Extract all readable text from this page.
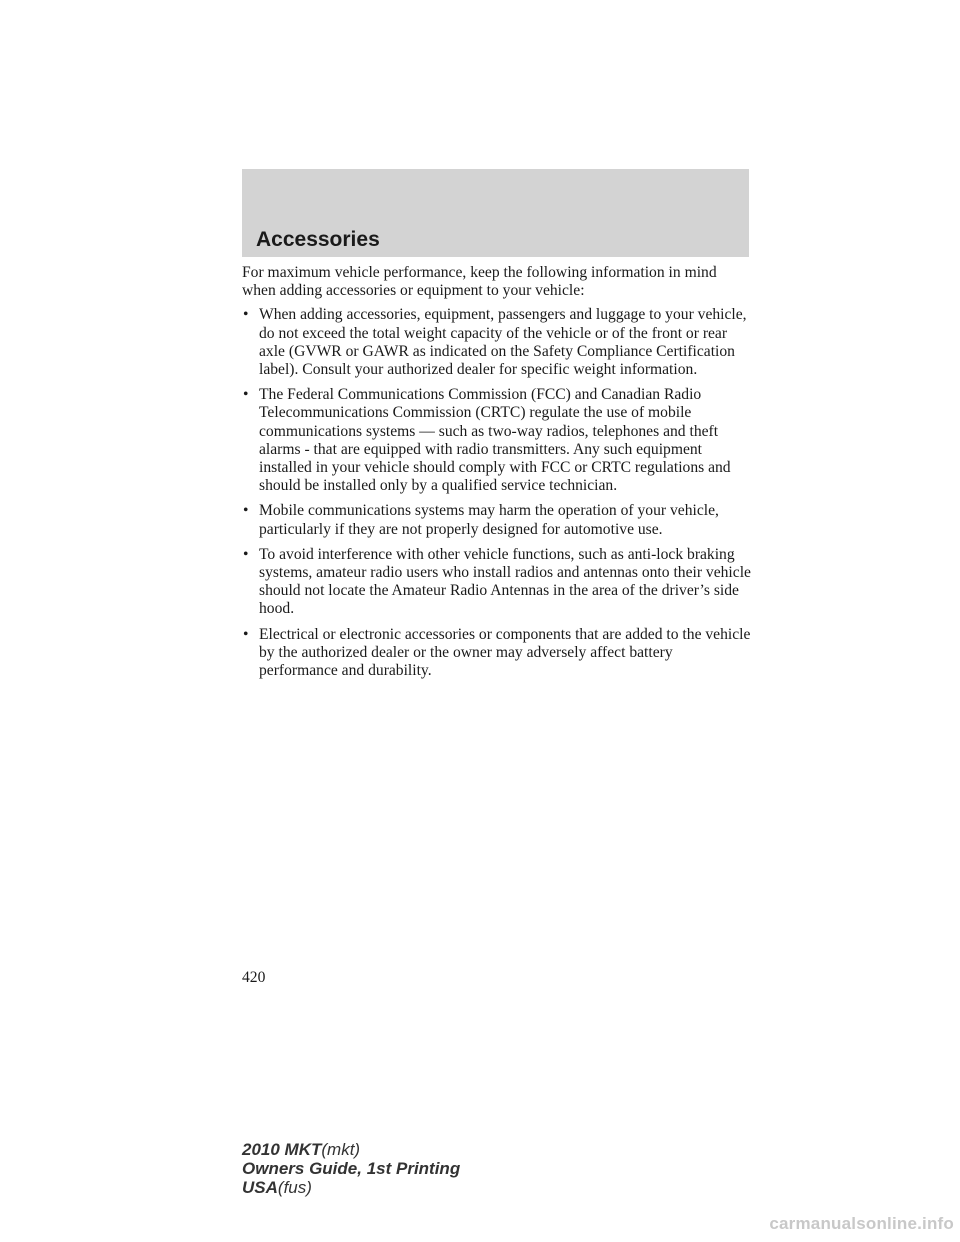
Accessories

For maximum vehicle performance, keep the following information in mind when adding accessories or equipment to your vehicle:

• When adding accessories, equipment, passengers and luggage to your vehicle, do not exceed the total weight capacity of the vehicle or of the front or rear axle (GVWR or GAWR as indicated on the Safety Compliance Certification label). Consult your authorized dealer for specific weight information.
• The Federal Communications Commission (FCC) and Canadian Radio Telecommunications Commission (CRTC) regulate the use of mobile communications systems — such as two-way radios, telephones and theft alarms - that are equipped with radio transmitters. Any such equipment installed in your vehicle should comply with FCC or CRTC regulations and should be installed only by a qualified service technician.
• Mobile communications systems may harm the operation of your vehicle, particularly if they are not properly designed for automotive use.
• To avoid interference with other vehicle functions, such as anti-lock braking systems, amateur radio users who install radios and antennas onto their vehicle should not locate the Amateur Radio Antennas in the area of the driver’s side hood.
• Electrical or electronic accessories or components that are added to the vehicle by the authorized dealer or the owner may adversely affect battery performance and durability.

420

2010 MKT(mkt)
Owners Guide, 1st Printing
USA(fus)
carmanualsonline.info
